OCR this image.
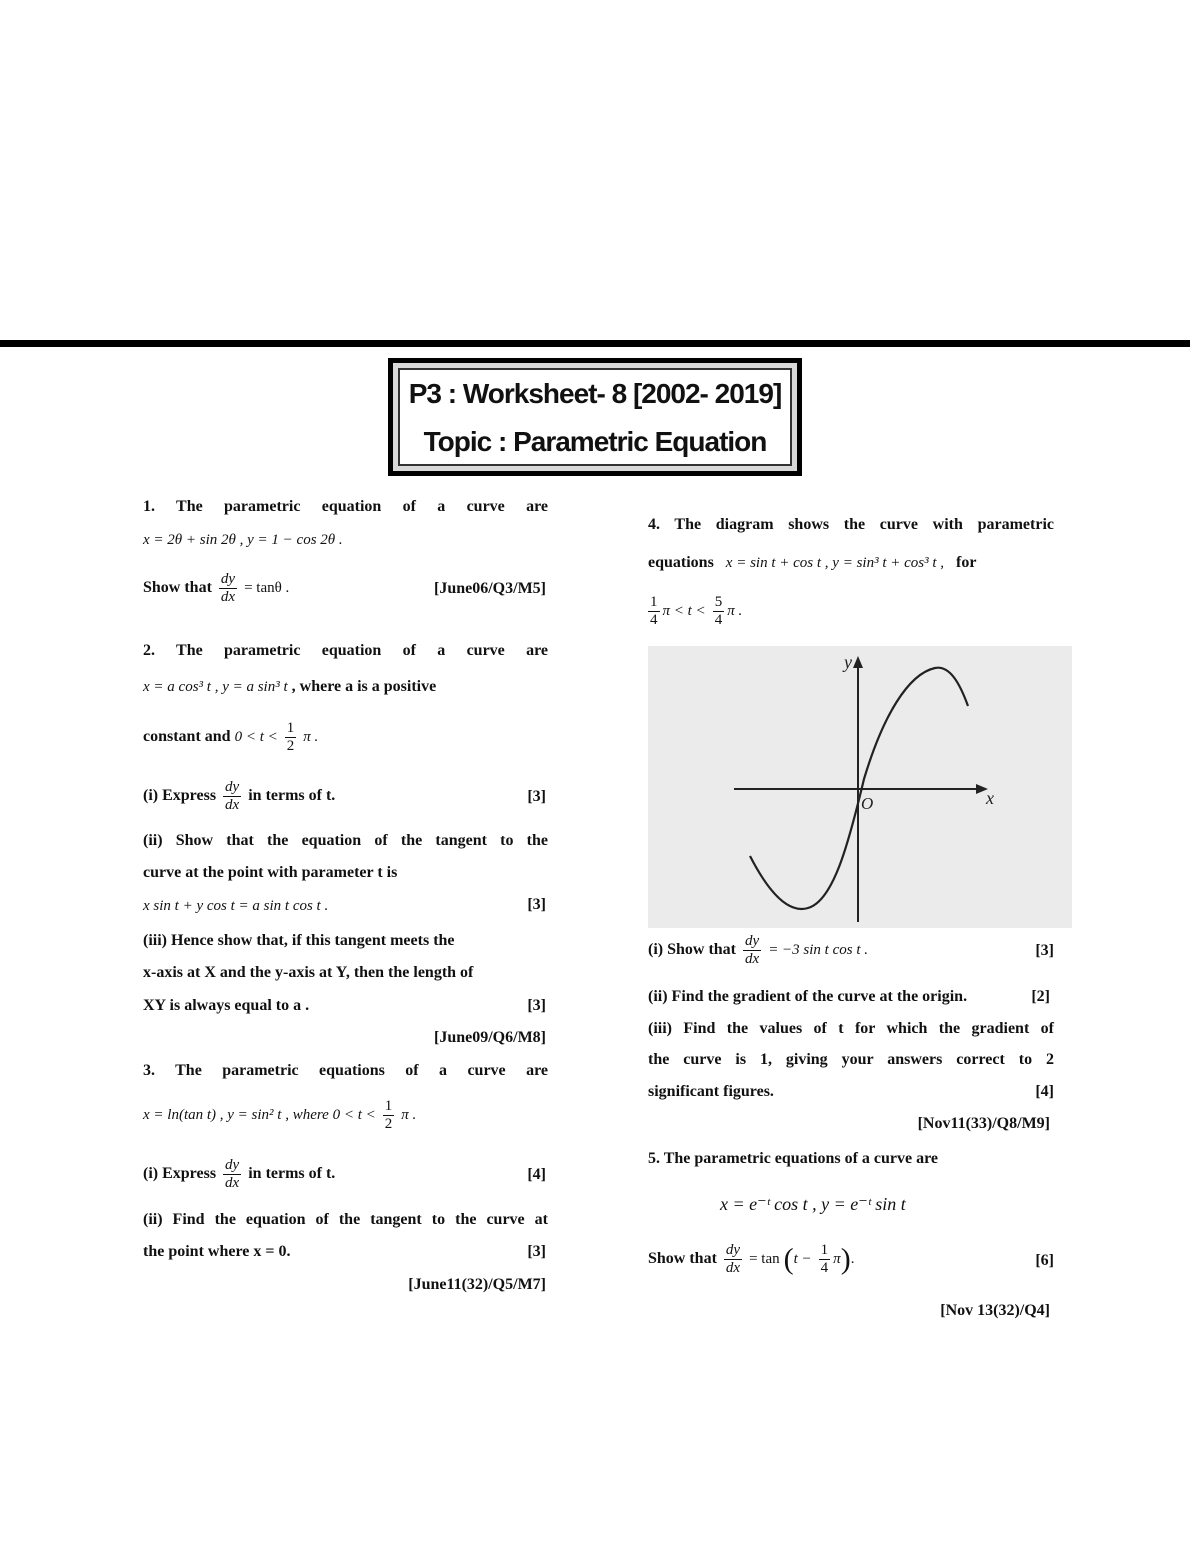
P3 : Worksheet- 8 [2002- 2019]
Topic : Parametric Equation
1. The parametric equation of a curve are
x = 2θ + sin 2θ , y = 1 − cos 2θ .
Show that $\frac{dy}{dx} = \tan\theta$ .	[June06/Q3/M5]
2. The parametric equation of a curve are
x = a cos³ t , y = a sin³ t , where a is a positive
constant and $0 < t < \frac{1}{2}$ π .
(i) Express $\frac{dy}{dx}$ in terms of t.	[3]
(ii) Show that the equation of the tangent to the
curve at the point with parameter t is
x sin t + y cos t = a sin t cos t .	[3]
(iii) Hence show that, if this tangent meets the
x-axis at X and the y-axis at Y, then the length of
XY is always equal to a .	[3]
[June09/Q6/M8]
3. The parametric equations of a curve are
x = ln(tan t) , y = sin² t , where $0 < t < \frac{1}{2}$ π .
(i) Express $\frac{dy}{dx}$ in terms of t.	[4]
(ii) Find the equation of the tangent to the curve at
the point where x = 0.	[3]
[June11(32)/Q5/M7]
4. The diagram shows the curve with parametric
equations x = sin t + cos t , y = sin³ t + cos³ t , for
$\frac{1}{4}$ $\pi < t < \frac{5}{4}$ π .
x
y
O
(i) Show that $\frac{dy}{dx} = -3$ sin t cos t .	[3]
(ii) Find the gradient of the curve at the origin.	[2]
(iii) Find the values of t for which the gradient of
the curve is 1, giving your answers correct to 2
significant figures.	[4]
[Nov11(33)/Q8/M9]
5. The parametric equations of a curve are
x = e⁻ᵗ cos t , y = e⁻ᵗ sin t
Show that $\frac{dy}{dx} = \tan (t - \frac{1}{4} \pi)$.	[6]
[Nov 13(32)/Q4]
